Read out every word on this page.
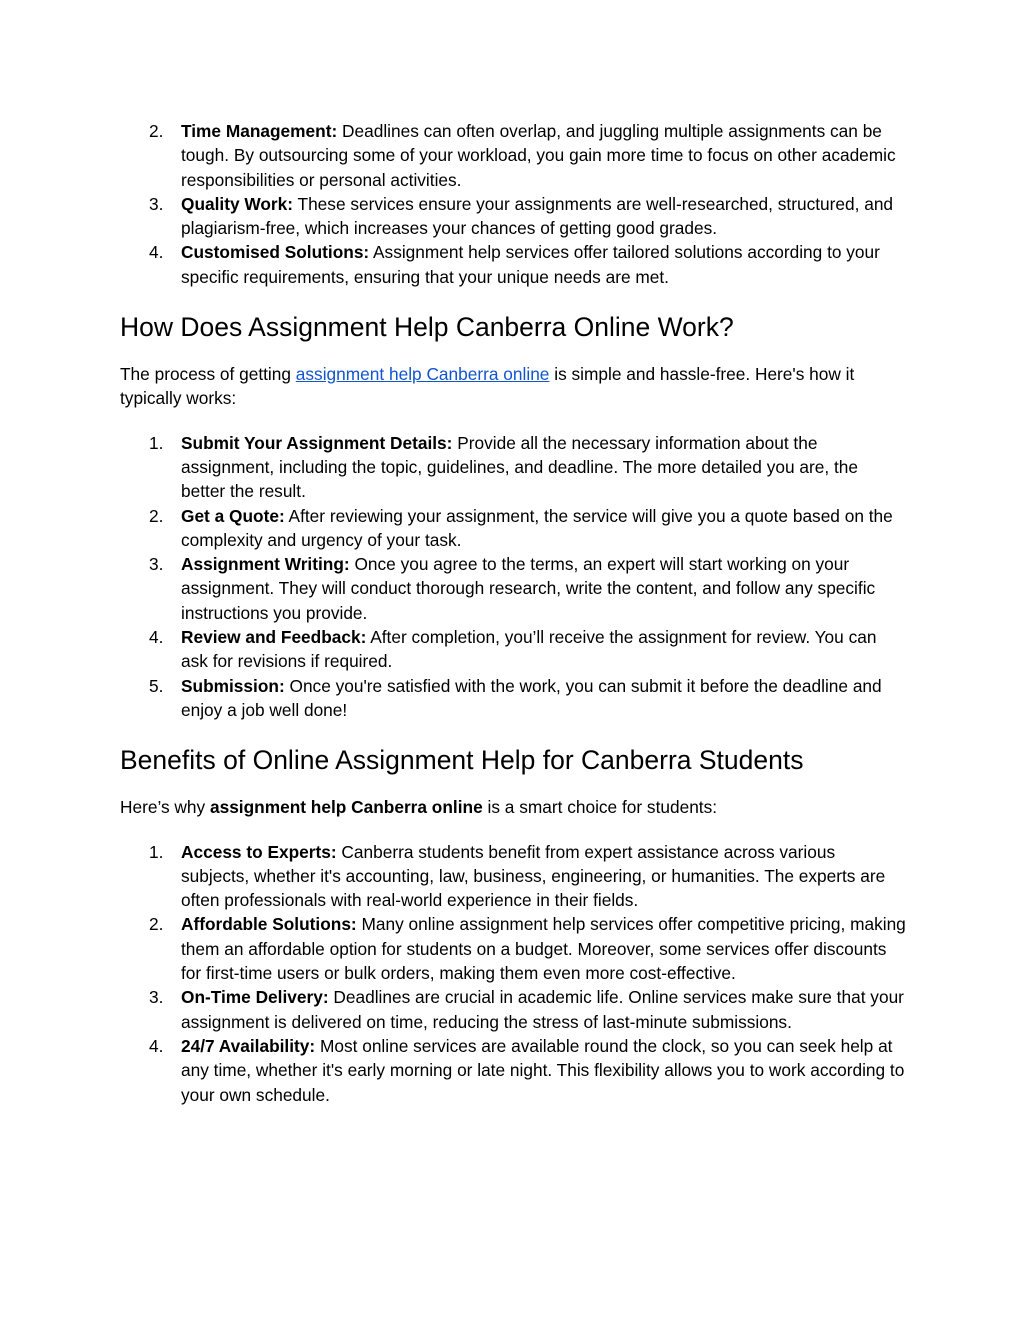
2. Time Management: Deadlines can often overlap, and juggling multiple assignments can be tough. By outsourcing some of your workload, you gain more time to focus on other academic responsibilities or personal activities.
3. Quality Work: These services ensure your assignments are well-researched, structured, and plagiarism-free, which increases your chances of getting good grades.
4. Customised Solutions: Assignment help services offer tailored solutions according to your specific requirements, ensuring that your unique needs are met.
How Does Assignment Help Canberra Online Work?

The process of getting assignment help Canberra online is simple and hassle-free. Here's how it typically works:

1. Submit Your Assignment Details: Provide all the necessary information about the assignment, including the topic, guidelines, and deadline. The more detailed you are, the better the result.
2. Get a Quote: After reviewing your assignment, the service will give you a quote based on the complexity and urgency of your task.
3. Assignment Writing: Once you agree to the terms, an expert will start working on your assignment. They will conduct thorough research, write the content, and follow any specific instructions you provide.
4. Review and Feedback: After completion, you’ll receive the assignment for review. You can ask for revisions if required.
5. Submission: Once you're satisfied with the work, you can submit it before the deadline and enjoy a job well done!
Benefits of Online Assignment Help for Canberra Students

Here’s why assignment help Canberra online is a smart choice for students:

1. Access to Experts: Canberra students benefit from expert assistance across various subjects, whether it's accounting, law, business, engineering, or humanities. The experts are often professionals with real-world experience in their fields.
2. Affordable Solutions: Many online assignment help services offer competitive pricing, making them an affordable option for students on a budget. Moreover, some services offer discounts for first-time users or bulk orders, making them even more cost-effective.
3. On-Time Delivery: Deadlines are crucial in academic life. Online services make sure that your assignment is delivered on time, reducing the stress of last-minute submissions.
4. 24/7 Availability: Most online services are available round the clock, so you can seek help at any time, whether it's early morning or late night. This flexibility allows you to work according to your own schedule.
